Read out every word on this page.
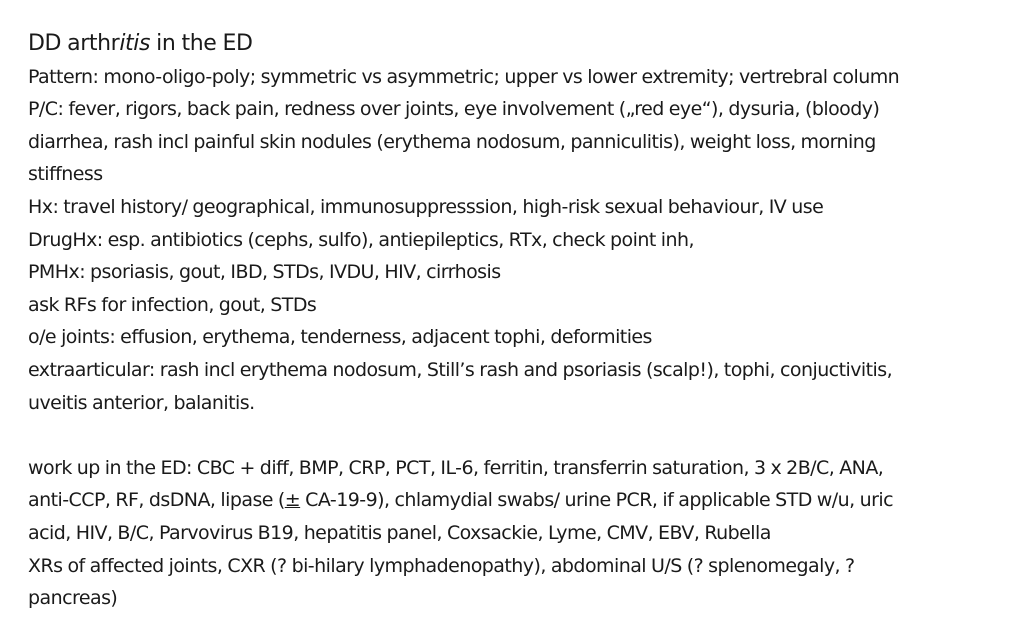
DD arthritis in the ED
Pattern: mono-oligo-poly; symmetric vs asymmetric; upper vs lower extremity; vertrebral column
P/C: fever, rigors, back pain, redness over joints, eye involvement („red eye“), dysuria, (bloody)
diarrhea, rash incl painful skin nodules (erythema nodosum, panniculitis), weight loss, morning
stiffness
Hx: travel history/ geographical, immunosuppresssion, high-risk sexual behaviour, IV use
DrugHx: esp. antibiotics (cephs, sulfo), antiepileptics, RTx, check point inh,
PMHx: psoriasis, gout, IBD, STDs, IVDU, HIV, cirrhosis
ask RFs for infection, gout, STDs
o/e joints: effusion, erythema, tenderness, adjacent tophi, deformities
extraarticular: rash incl erythema nodosum, Still’s rash and psoriasis (scalp!), tophi, conjuctivitis,
uveitis anterior, balanitis.
work up in the ED: CBC + diff, BMP, CRP, PCT, IL-6, ferritin, transferrin saturation, 3 x 2B/C, ANA,
anti-CCP, RF, dsDNA, lipase (± CA-19-9), chlamydial swabs/ urine PCR, if applicable STD w/u, uric
acid, HIV, B/C, Parvovirus B19, hepatitis panel, Coxsackie, Lyme, CMV, EBV, Rubella
XRs of affected joints, CXR (? bi-hilary lymphadenopathy), abdominal U/S (? splenomegaly, ?
pancreas)
